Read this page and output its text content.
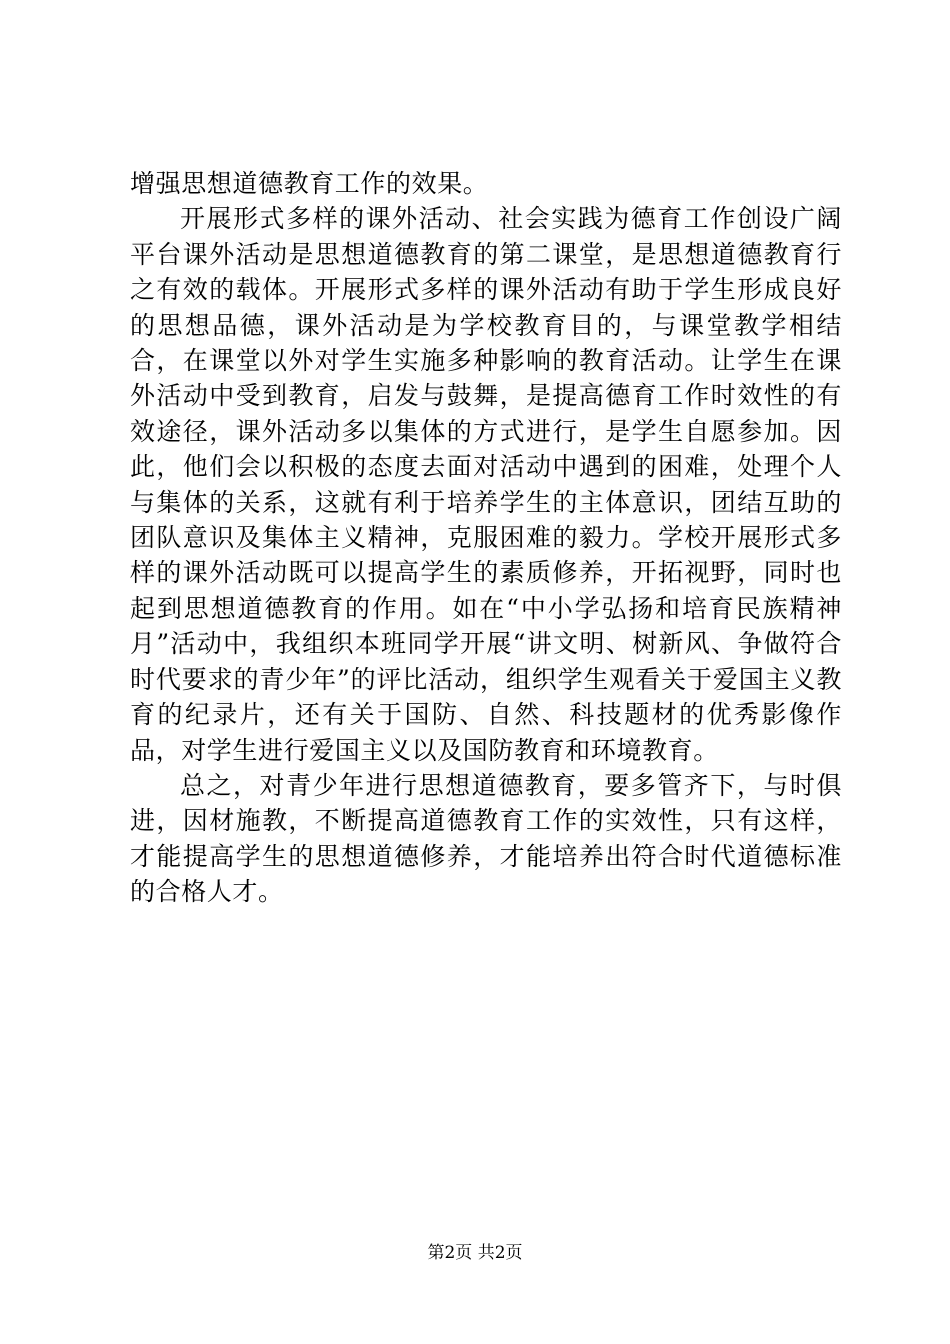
增强思想道德教育工作的效果。

开展形式多样的课外活动、社会实践为德育工作创设广阔平台课外活动是思想道德教育的第二课堂，是思想道德教育行之有效的载体。开展形式多样的课外活动有助于学生形成良好的思想品德，课外活动是为学校教育目的，与课堂教学相结合，在课堂以外对学生实施多种影响的教育活动。让学生在课外活动中受到教育，启发与鼓舞，是提高德育工作时效性的有效途径，课外活动多以集体的方式进行，是学生自愿参加。因此，他们会以积极的态度去面对活动中遇到的困难，处理个人与集体的关系，这就有利于培养学生的主体意识，团结互助的团队意识及集体主义精神，克服困难的毅力。学校开展形式多样的课外活动既可以提高学生的素质修养，开拓视野，同时也起到思想道德教育的作用。如在“中小学弘扬和培育民族精神月”活动中，我组织本班同学开展“讲文明、树新风、争做符合时代要求的青少年”的评比活动，组织学生观看关于爱国主义教育的纪录片，还有关于国防、自然、科技题材的优秀影像作品，对学生进行爱国主义以及国防教育和环境教育。

总之，对青少年进行思想道德教育，要多管齐下，与时俱进，因材施教，不断提高道德教育工作的实效性，只有这样，才能提高学生的思想道德修养，才能培养出符合时代道德标准的合格人才。

第2页 共2页
